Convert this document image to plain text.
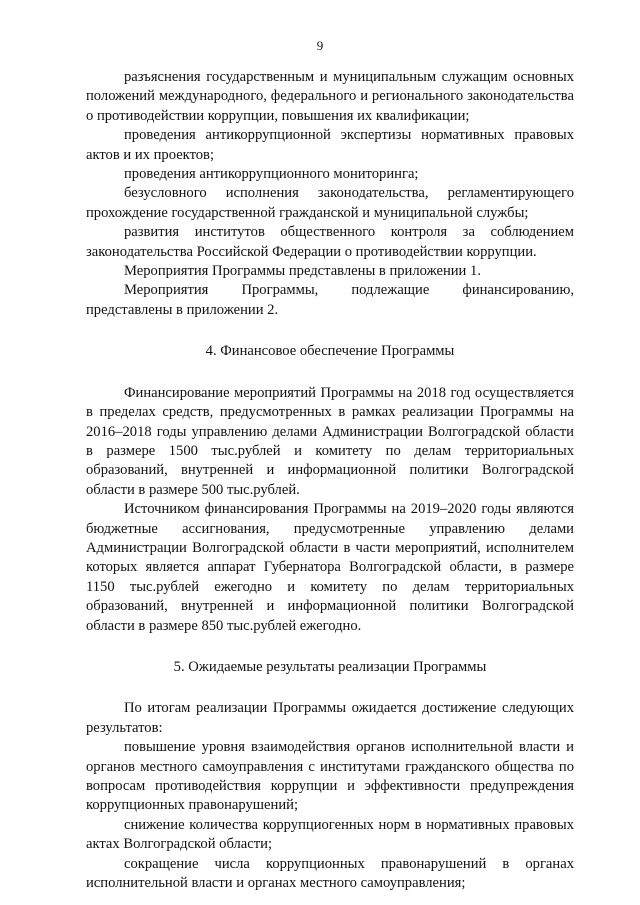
9

разъяснения государственным и муниципальным служащим основных положений международного, федерального и регионального законодательства о противодействии коррупции, повышения их квалификации;

проведения антикоррупционной экспертизы нормативных правовых актов и их проектов;

проведения антикоррупционного мониторинга;

безусловного исполнения законодательства, регламентирующего прохождение государственной гражданской и муниципальной службы;

развития институтов общественного контроля за соблюдением законодательства Российской Федерации о противодействии коррупции.

Мероприятия Программы представлены в приложении 1.

Мероприятия Программы, подлежащие финансированию, представлены в приложении 2.

4. Финансовое обеспечение Программы

Финансирование мероприятий Программы на 2018 год осуществляется в пределах средств, предусмотренных в рамках реализации Программы на 2016–2018 годы управлению делами Администрации Волгоградской области в размере 1500 тыс.рублей и комитету по делам территориальных образований, внутренней и информационной политики Волгоградской области в размере 500 тыс.рублей.

Источником финансирования Программы на 2019–2020 годы являются бюджетные ассигнования, предусмотренные управлению делами Администрации Волгоградской области в части мероприятий, исполнителем которых является аппарат Губернатора Волгоградской области, в размере 1150 тыс.рублей ежегодно и комитету по делам территориальных образований, внутренней и информационной политики Волгоградской области в размере 850 тыс.рублей ежегодно.

5. Ожидаемые результаты реализации Программы

По итогам реализации Программы ожидается достижение следующих результатов:

повышение уровня взаимодействия органов исполнительной власти и органов местного самоуправления с институтами гражданского общества по вопросам противодействия коррупции и эффективности предупреждения коррупционных правонарушений;

снижение количества коррупциогенных норм в нормативных правовых актах Волгоградской области;

сокращение числа коррупционных правонарушений в органах исполнительной власти и органах местного самоуправления;
